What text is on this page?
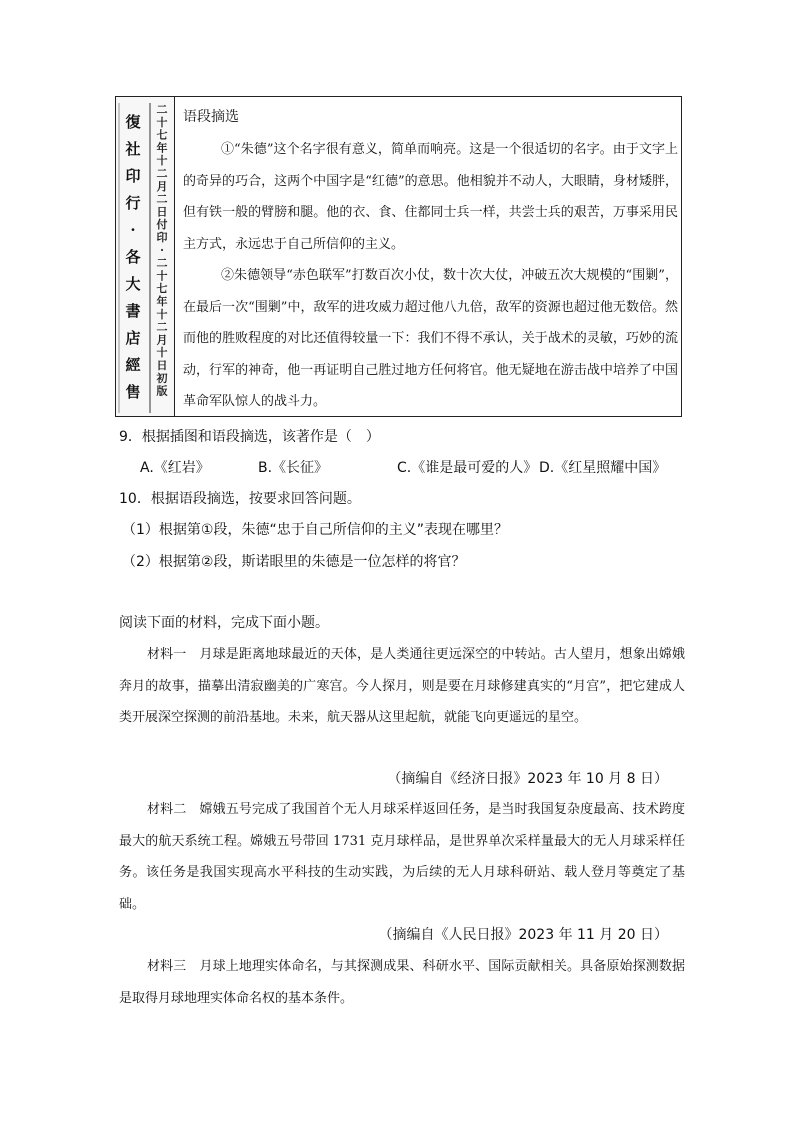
復社印行·各大書店經售
二十七年十二月二日付印·二十七年十二月十日初版
语段摘选

①“朱德”这个名字很有意义，简单而响亮。这是一个很适切的名字。由于文字上的奇异的巧合，这两个中国字是“红德”的意思。他相貌并不动人，大眼睛，身材矮胖，但有铁一般的臂膀和腿。他的衣、食、住都同士兵一样，共尝士兵的艰苦，万事采用民主方式，永远忠于自己所信仰的主义。

②朱德领导“赤色联军”打数百次小仗，数十次大仗，冲破五次大规模的“围剿”，在最后一次“围剿”中，敌军的进攻威力超过他八九倍，敌军的资源也超过他无数倍。然而他的胜败程度的对比还值得较量一下：我们不得不承认，关于战术的灵敏，巧妙的流动，行军的神奇，他一再证明自己胜过地方任何将官。他无疑地在游击战中培养了中国革命军队惊人的战斗力。

9．根据插图和语段摘选，该著作是（　）
A.《红岩》	B.《长征》	C.《谁是最可爱的人》 D.《红星照耀中国》
10．根据语段摘选，按要求回答问题。
（1）根据第①段，朱德“忠于自己所信仰的主义”表现在哪里？
（2）根据第②段，斯诺眼里的朱德是一位怎样的将官？
阅读下面的材料，完成下面小题。

材料一　月球是距离地球最近的天体，是人类通往更远深空的中转站。古人望月，想象出嫦娥奔月的故事，描摹出清寂幽美的广寒宫。今人探月，则是要在月球修建真实的“月宫”，把它建成人类开展深空探测的前沿基地。未来，航天器从这里起航，就能飞向更遥远的星空。

（摘编自《经济日报》2023 年 10 月 8 日）

材料二　嫦娥五号完成了我国首个无人月球采样返回任务，是当时我国复杂度最高、技术跨度最大的航天系统工程。嫦娥五号带回 1731 克月球样品，是世界单次采样量最大的无人月球采样任务。该任务是我国实现高水平科技的生动实践，为后续的无人月球科研站、载人登月等奠定了基础。

（摘编自《人民日报》2023 年 11 月 20 日）

材料三　月球上地理实体命名，与其探测成果、科研水平、国际贡献相关。具备原始探测数据是取得月球地理实体命名权的基本条件。
